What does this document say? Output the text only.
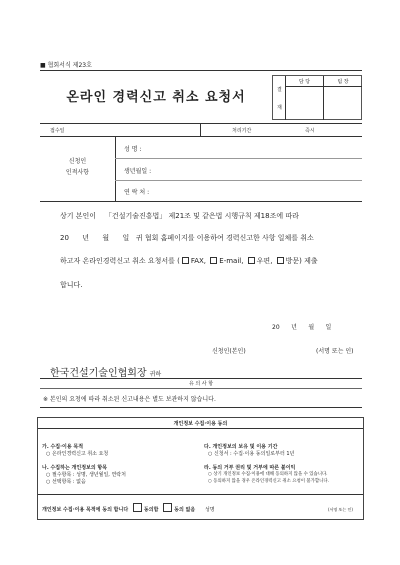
■ 협회서식 제23호
온라인 경력신고 취소 요청서	결
재
담 당	팀 장
접수일	처리기간	즉시
신청인
인적사항
성 명 :
생년월일 :
연 락 처 :
상기 본인이    「건설기술진흥법」 제21조 및 같은법 시행규칙 제18조에 따라
20      년      월      일   귀 협회 홈페이지를 이용하여 경력신고한 사항 일체를 취소
하고자 온라인경력신고 취소 요청서를 ( FAX, E-mail, 우편, 방문) 제출
합니다.
20      년      월      일
신청인(본인)	(서명 또는 인)
한국건설기술인협회장 귀하
유 의 사 항
※ 본인의 요청에 따라 취소된 신고내용은 별도 보관하지 않습니다.
개인정보 수집·이용 동의
가. 수집·이용 목적
○ 온라인경력신고 취소 요청
나. 수집하는 개인정보의 항목
○ 필수항목 : 성명, 생년월일, 연락처
○ 선택항목 : 없음
다. 개인정보의 보유 및 이용 기간
○ 신청서 : 수집·이용 동의일로부터 1년
라. 동의 거부 권리 및 거부에 따른 불이익
○ 상기 개인정보 수집·이용에 대해 동의하지 않을 수 있습니다.
○ 동의하지 않을 경우 온라인경력신고 취소 요청이 불가합니다.
개인정보 수집·이용 목적에 동의 합니다	동의함	동의 없음 성명	(서명 또는 인)
